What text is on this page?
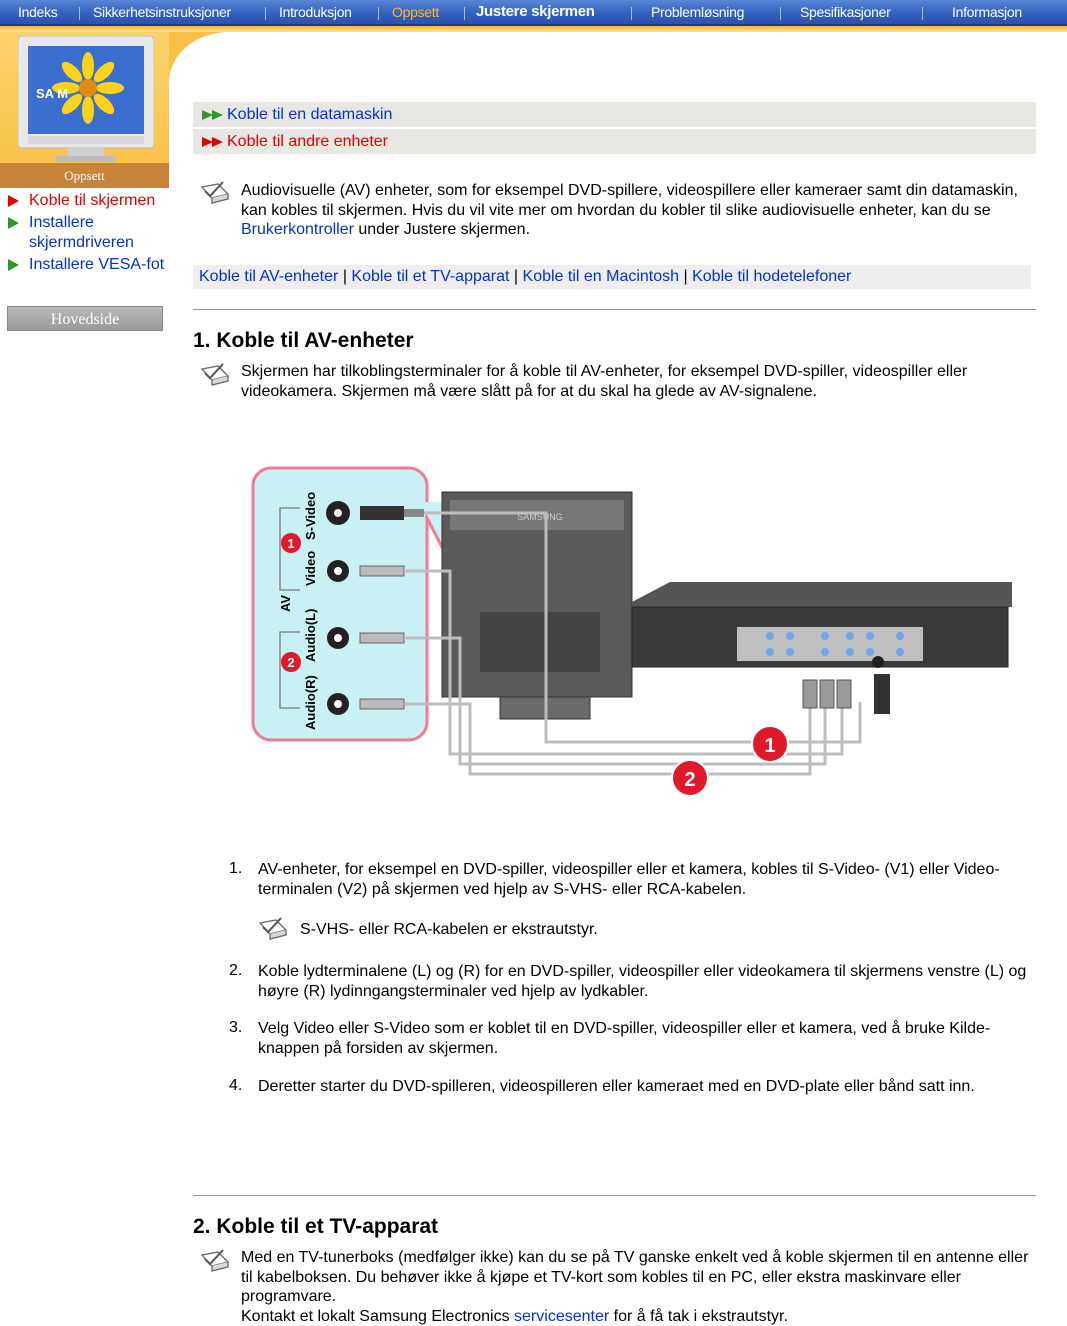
Indeks	Sikkerhetsinstruksjoner	Introduksjon	Oppsett Justere skjermen	Problemløsning	Spesifikasjoner	Informasjon
SA M
Oppsett
Koble til skjermen
Installere skjermdriveren
Installere VESA-fot
Hovedside
Koble til en datamaskin
Koble til andre enheter
Audiovisuelle (AV) enheter, som for eksempel DVD-spillere, videospillere eller kameraer samt din datamaskin, kan kobles til skjermen. Hvis du vil vite mer om hvordan du kobler til slike audiovisuelle enheter, kan du se Brukerkontroller under Justere skjermen.
Koble til AV-enheter | Koble til et TV-apparat | Koble til en Macintosh | Koble til hodetelefoner
1. Koble til AV-enheter
Skjermen har tilkoblingsterminaler for å koble til AV-enheter, for eksempel DVD-spiller, videospiller eller videokamera. Skjermen må være slått på for at du skal ha glede av AV-signalene.
AV
S-Video
Video
Audio(L)
Audio(R)
1
2
SAMSUNG
1
2
1. AV-enheter, for eksempel en DVD-spiller, videospiller eller et kamera, kobles til S-Video- (V1) eller Video-terminalen (V2) på skjermen ved hjelp av S-VHS- eller RCA-kabelen.
S-VHS- eller RCA-kabelen er ekstrautstyr.
2. Koble lydterminalene (L) og (R) for en DVD-spiller, videospiller eller videokamera til skjermens venstre (L) og høyre (R) lydinngangsterminaler ved hjelp av lydkabler.
3. Velg Video eller S-Video som er koblet til en DVD-spiller, videospiller eller et kamera, ved å bruke Kilde-knappen på forsiden av skjermen.
4. Deretter starter du DVD-spilleren, videospilleren eller kameraet med en DVD-plate eller bånd satt inn.
2. Koble til et TV-apparat
Med en TV-tunerboks (medfølger ikke) kan du se på TV ganske enkelt ved å koble skjermen til en antenne eller til kabelboksen. Du behøver ikke å kjøpe et TV-kort som kobles til en PC, eller ekstra maskinvare eller programvare.
Kontakt et lokalt Samsung Electronics servicesenter for å få tak i ekstrautstyr.
